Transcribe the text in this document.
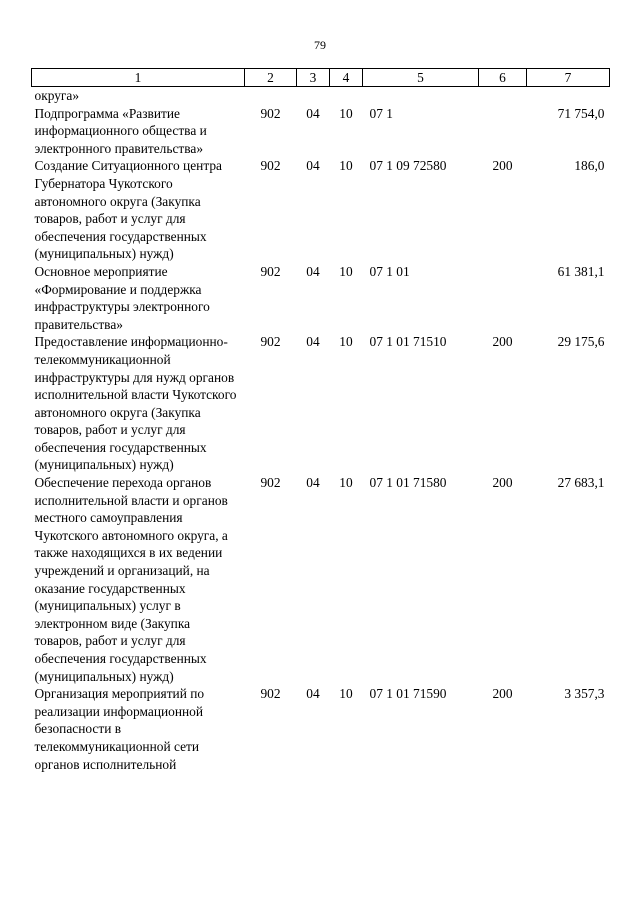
79
1	2	3	4	5	6	7
округа»						
Подпрограмма «Развитие информационного общества и электронного правительства»	902	04	10	07 1		71 754,0
Создание Ситуационного центра Губернатора Чукотского автономного округа (Закупка товаров, работ и услуг для обеспечения государственных (муниципальных) нужд)	902	04	10	07 1 09 72580	200	186,0
Основное мероприятие «Формирование и поддержка инфраструктуры электронного правительства»	902	04	10	07 1 01		61 381,1
Предоставление информационно-телекоммуникационной инфраструктуры для нужд органов исполнительной власти Чукотского автономного округа (Закупка товаров, работ и услуг для обеспечения государственных (муниципальных) нужд)	902	04	10	07 1 01 71510	200	29 175,6
Обеспечение перехода органов исполнительной власти и органов местного самоуправления Чукотского автономного округа, а также находящихся в их ведении учреждений и организаций, на оказание государственных (муниципальных) услуг в электронном виде (Закупка товаров, работ и услуг для обеспечения государственных (муниципальных) нужд)	902	04	10	07 1 01 71580	200	27 683,1
Организация мероприятий по реализации информационной безопасности в телекоммуникационной сети органов исполнительной	902	04	10	07 1 01 71590	200	3 357,3
